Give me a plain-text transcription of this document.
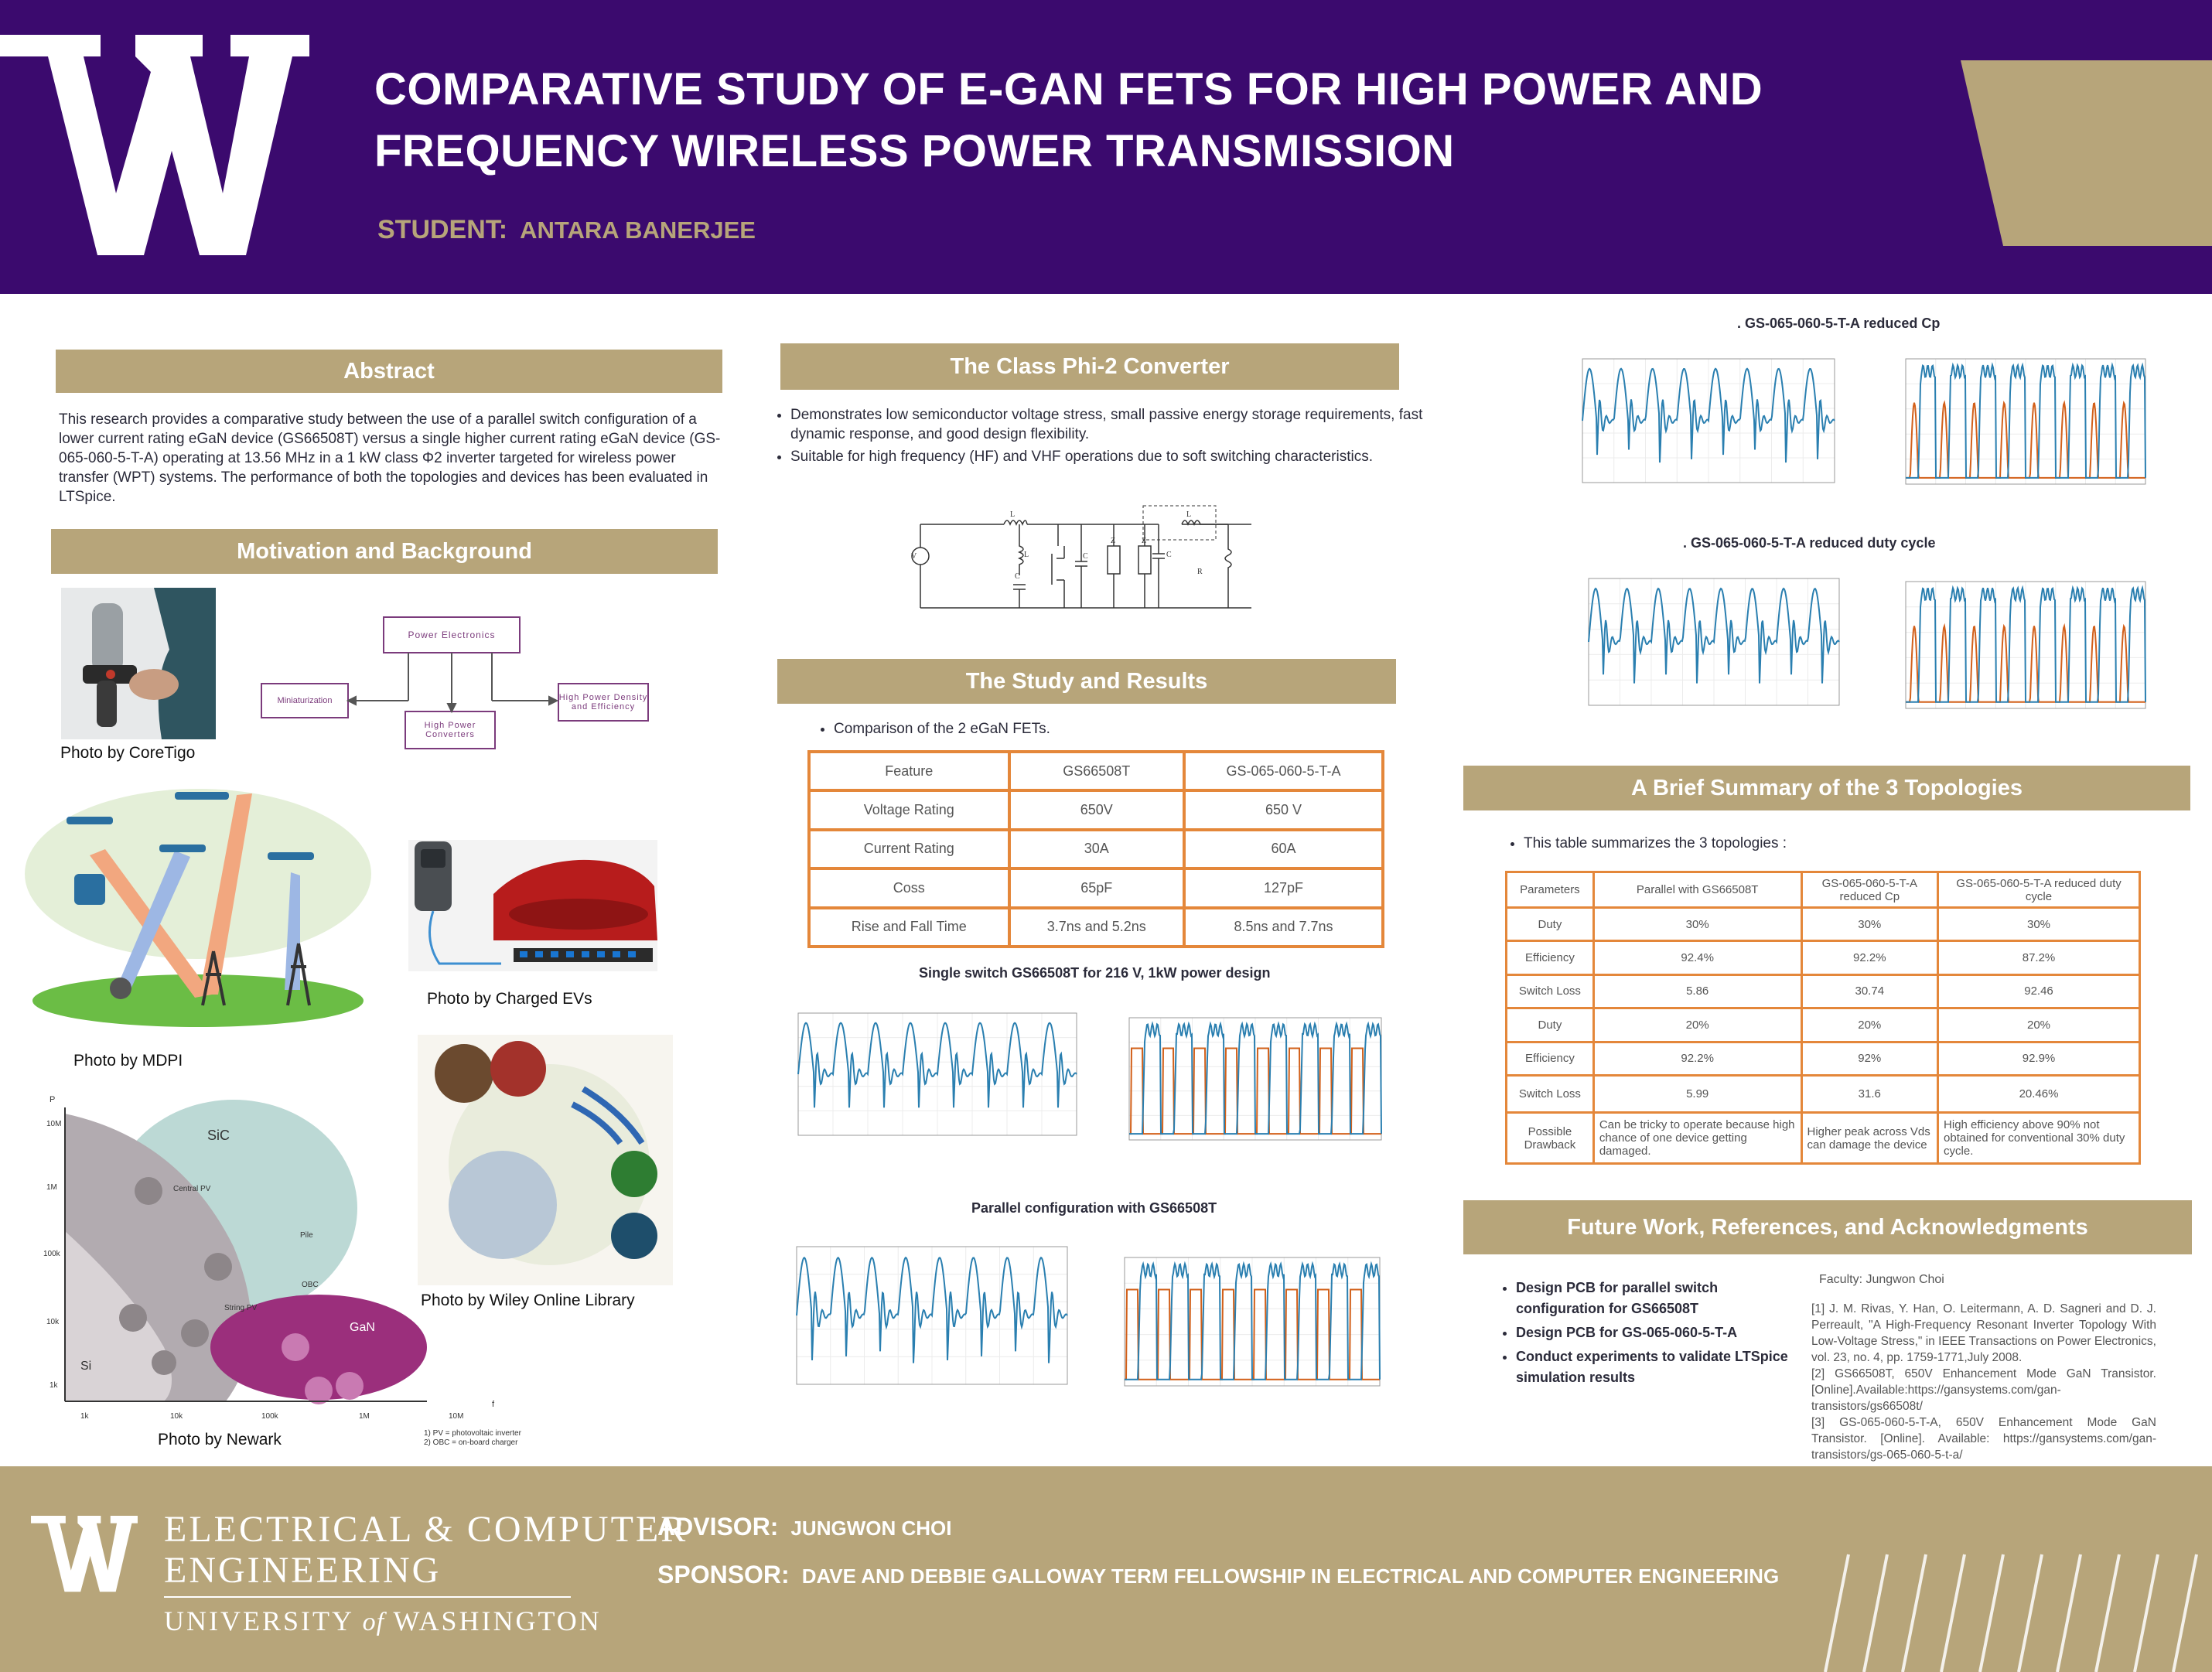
COMPARATIVE STUDY OF E-GAN FETS FOR HIGH POWER AND
FREQUENCY WIRELESS POWER TRANSMISSION
STUDENT: ANTARA BANERJEE
Abstract
This research provides a comparative study between the use of a parallel switch configuration of a lower current rating eGaN device (GS66508T) versus a single higher current rating eGaN device (GS-065-060-5-T-A) operating at 13.56 MHz in a 1 kW class Φ2 inverter targeted for wireless power transfer (WPT) systems. The performance of both the topologies and devices has been evaluated in LTSpice.
Motivation and Background
Photo by CoreTigo
Power Electronics
Miniaturization
High Power Converters
High Power Density and Efficiency
Photo by MDPI
Photo by Charged EVs
Photo by Wiley Online Library
P
10M
1M
100k
10k
1k
1k	10k	100k	1M	10M
f
SiC
Si
GaN
Central PV
Pile
OBC
String PV
1) PV = photovoltaic inverter
2) OBC = on-board charger
Photo by Newark
The Class Phi-2 Converter
• Demonstrates low semiconductor voltage stress, small passive energy storage requirements, fast dynamic response, and good design flexibility.
• Suitable for high frequency (HF) and VHF operations due to soft switching characteristics.
V
L
L
C
C
Z	Z
C
L
R
The Study and Results
• Comparison of the 2 eGaN FETs.
Feature	GS66508T	GS-065-060-5-T-A
Voltage Rating	650V	650 V
Current Rating	30A	60A
Coss	65pF	127pF
Rise and Fall Time	3.7ns and 5.2ns	8.5ns and 7.7ns
Single switch GS66508T for 216 V, 1kW power design
Parallel configuration with GS66508T
. GS-065-060-5-T-A reduced Cp
. GS-065-060-5-T-A reduced duty cycle
A Brief Summary of the 3 Topologies
• This table summarizes the 3 topologies :
Parameters	Parallel with GS66508T	GS-065-060-5-T-A reduced Cp	GS-065-060-5-T-A reduced duty cycle
Duty	30%	30%	30%
Efficiency	92.4%	92.2%	87.2%
Switch Loss	5.86	30.74	92.46
Duty	20%	20%	20%
Efficiency	92.2%	92%	92.9%
Switch Loss	5.99	31.6	20.46%
Possible Drawback	Can be tricky to operate because high chance of one device getting damaged.	Higher peak across Vds can damage the device	High efficiency above 90% not obtained for conventional 30% duty cycle.
Future Work, References, and Acknowledgments
• Design PCB for parallel switch configuration for GS66508T
• Design PCB for GS-065-060-5-T-A
• Conduct experiments to validate LTSpice simulation results
Faculty: Jungwon Choi
[1] J. M. Rivas, Y. Han, O. Leitermann, A. D. Sagneri and D. J. Perreault, "A High-Frequency Resonant Inverter Topology With Low-Voltage Stress," in IEEE Transactions on Power Electronics, vol. 23, no. 4, pp. 1759-1771,July 2008.
[2] GS66508T, 650V Enhancement Mode GaN Transistor. [Online].Available:https://gansystems.com/gan-transistors/gs66508t/
[3] GS-065-060-5-T-A, 650V Enhancement Mode GaN Transistor. [Online]. Available: https://gansystems.com/gan-transistors/gs-065-060-5-t-a/
ELECTRICAL & COMPUTER
ENGINEERING
UNIVERSITY of WASHINGTON
ADVISOR: JUNGWON CHOI
SPONSOR: DAVE AND DEBBIE GALLOWAY TERM FELLOWSHIP IN ELECTRICAL AND COMPUTER ENGINEERING
